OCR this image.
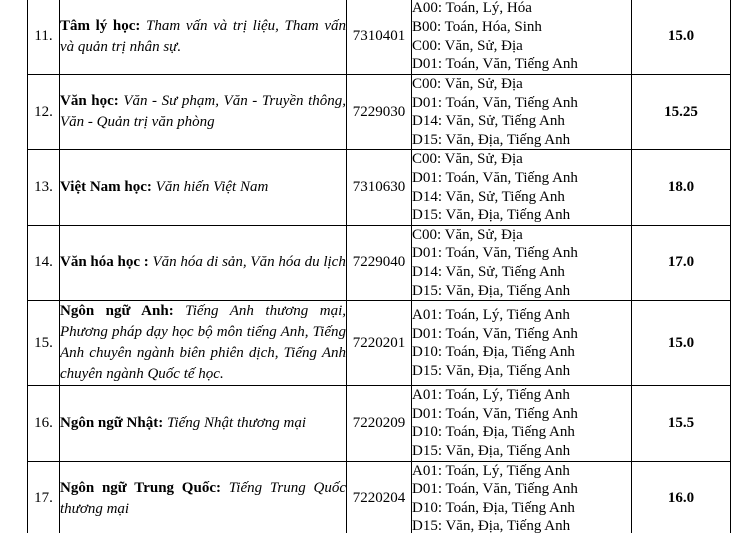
11.	Tâm lý học: Tham vấn và trị liệu, Tham vấn và quản trị nhân sự.	7310401	A00: Toán, Lý, Hóa
B00: Toán, Hóa, Sinh
C00: Văn, Sử, Địa
D01: Toán, Văn, Tiếng Anh	15.0
12.	Văn học: Văn - Sư phạm, Văn - Truyền thông, Văn - Quản trị văn phòng	7229030	C00: Văn, Sử, Địa
D01: Toán, Văn, Tiếng Anh
D14: Văn, Sử, Tiếng Anh
D15: Văn, Địa, Tiếng Anh	15.25
13.	Việt Nam học: Văn hiến Việt Nam	7310630	C00: Văn, Sử, Địa
D01: Toán, Văn, Tiếng Anh
D14: Văn, Sử, Tiếng Anh
D15: Văn, Địa, Tiếng Anh	18.0
14.	Văn hóa học : Văn hóa di sản, Văn hóa du lịch	7229040	C00: Văn, Sử, Địa
D01: Toán, Văn, Tiếng Anh
D14: Văn, Sử, Tiếng Anh
D15: Văn, Địa, Tiếng Anh	17.0
15.	Ngôn ngữ Anh: Tiếng Anh thương mại, Phương pháp dạy học bộ môn tiếng Anh, Tiếng Anh chuyên ngành biên phiên dịch, Tiếng Anh chuyên ngành Quốc tế học.	7220201	A01: Toán, Lý, Tiếng Anh
D01: Toán, Văn, Tiếng Anh
D10: Toán, Địa, Tiếng Anh
D15: Văn, Địa, Tiếng Anh	15.0
16.	Ngôn ngữ Nhật: Tiếng Nhật thương mại	7220209	A01: Toán, Lý, Tiếng Anh
D01: Toán, Văn, Tiếng Anh
D10: Toán, Địa, Tiếng Anh
D15: Văn, Địa, Tiếng Anh	15.5
17.	Ngôn ngữ Trung Quốc: Tiếng Trung Quốc thương mại	7220204	A01: Toán, Lý, Tiếng Anh
D01: Toán, Văn, Tiếng Anh
D10: Toán, Địa, Tiếng Anh
D15: Văn, Địa, Tiếng Anh	16.0
